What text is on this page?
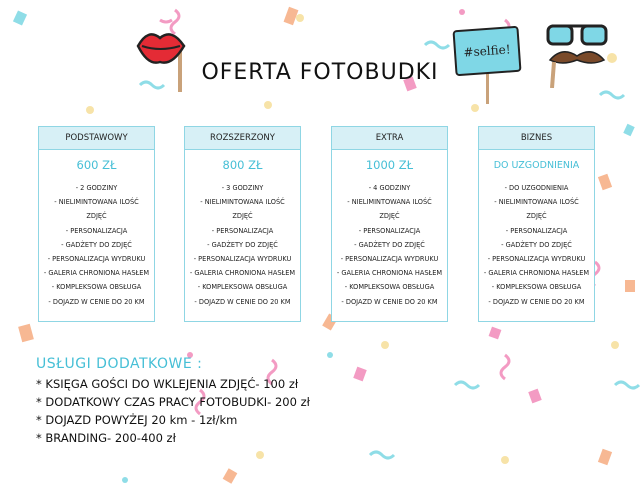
#selfie!
OFERTA FOTOBUDKI
PODSTAWOWY
600 ZŁ
- 2 GODZINY
- NIELIMINTOWANA ILOŚĆ
ZDJĘĆ
- PERSONALIZACJA
- GADŻETY DO ZDJĘĆ
- PERSONALIZACJA WYDRUKU
- GALERIA CHRONIONA HASŁEM
- KOMPLEKSOWA OBSŁUGA
- DOJAZD W CENIE DO 20 KM
ROZSZERZONY
800 ZŁ
- 3 GODZINY
- NIELIMINTOWANA ILOŚĆ
ZDJĘĆ
- PERSONALIZACJA
- GADŻETY DO ZDJĘĆ
- PERSONALIZACJA WYDRUKU
- GALERIA CHRONIONA HASŁEM
- KOMPLEKSOWA OBSŁUGA
- DOJAZD W CENIE DO 20 KM
EXTRA
1000 ZŁ
- 4 GODZINY
- NIELIMINTOWANA ILOŚĆ
ZDJĘĆ
- PERSONALIZACJA
- GADŻETY DO ZDJĘĆ
- PERSONALIZACJA WYDRUKU
- GALERIA CHRONIONA HASŁEM
- KOMPLEKSOWA OBSŁUGA
- DOJAZD W CENIE DO 20 KM
BIZNES
DO UZGODNIENIA
- DO UZGODNIENIA
- NIELIMINTOWANA ILOŚĆ
ZDJĘĆ
- PERSONALIZACJA
- GADŻETY DO ZDJĘĆ
- PERSONALIZACJA WYDRUKU
- GALERIA CHRONIONA HASŁEM
- KOMPLEKSOWA OBSŁUGA
- DOJAZD W CENIE DO 20 KM
USŁUGI DODATKOWE :
* KSIĘGA GOŚCI DO WKLEJENIA ZDJĘĆ- 100 zł
* DODATKOWY CZAS PRACY FOTOBUDKI- 200 zł
* DOJAZD POWYŻEJ 20 km - 1zł/km
* BRANDING- 200-400 zł
